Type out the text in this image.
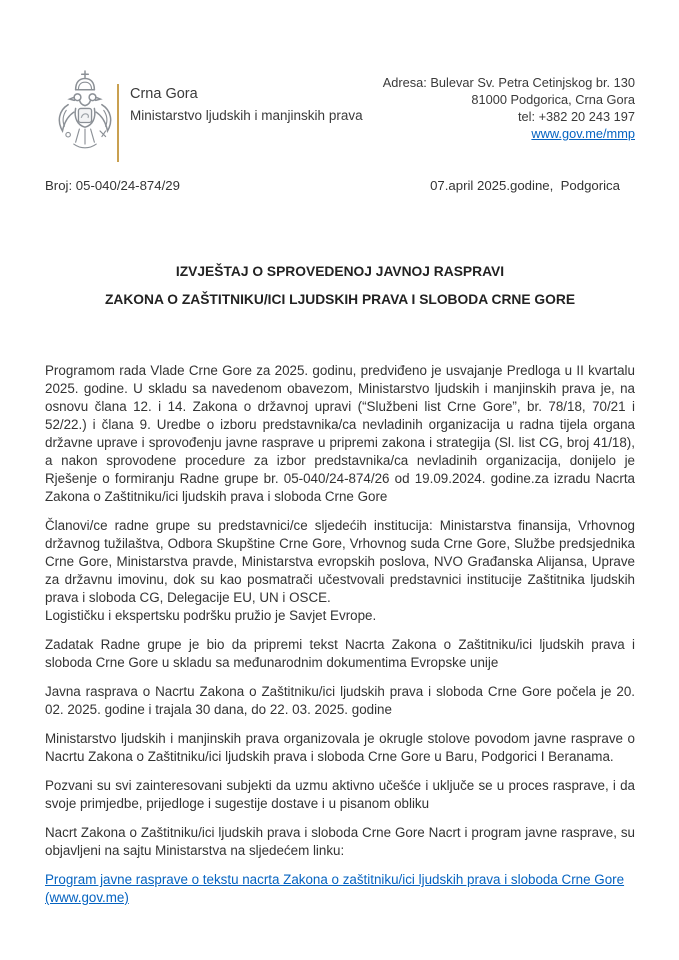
Crna Gora
Ministarstvo ljudskih i manjinskih prava
Adresa: Bulevar Sv. Petra Cetinjskog br. 130
81000 Podgorica, Crna Gora
tel: +382 20 243 197
www.gov.me/mmp
Broj: 05-040/24-874/29	07.april 2025.godine,  Podgorica
IZVJEŠTAJ O SPROVEDENOJ JAVNOJ RASPRAVI
ZAKONA O ZAŠTITNIKU/ICI LJUDSKIH PRAVA I SLOBODA CRNE GORE

Programom rada Vlade Crne Gore za 2025. godinu, predviđeno je usvajanje Predloga u II kvartalu 2025. godine. U skladu sa navedenom obavezom, Ministarstvo ljudskih i manjinskih prava je, na osnovu člana 12. i 14. Zakona o državnoj upravi (“Službeni list Crne Gore”, br. 78/18, 70/21 i 52/22.) i člana 9. Uredbe o izboru predstavnika/ca nevladinih organizacija u radna tijela organa državne uprave i sprovođenju javne rasprave u pripremi zakona i strategija (Sl. list CG, broj 41/18), a nakon sprovodene procedure za izbor predstavnika/ca nevladinih organizacija, donijelo je Rješenje o formiranju Radne grupe br. 05-040/24-874/26 od 19.09.2024. godine.za izradu Nacrta Zakona o Zaštitniku/ici ljudskih prava i sloboda Crne Gore

Članovi/ce radne grupe su predstavnici/ce sljedećih institucija: Ministarstva finansija, Vrhovnog državnog tužilaštva, Odbora Skupštine Crne Gore, Vrhovnog suda Crne Gore, Službe predsjednika Crne Gore, Ministarstva pravde, Ministarstva evropskih poslova, NVO Građanska Alijansa, Uprave za državnu imovinu, dok su kao posmatrači učestvovali predstavnici institucije Zaštitnika ljudskih prava i sloboda CG, Delegacije EU, UN i OSCE.

Logističku i ekspertsku podršku pružio je Savjet Evrope.

Zadatak Radne grupe je bio da pripremi tekst Nacrta Zakona o Zaštitniku/ici ljudskih prava i sloboda Crne Gore u skladu sa međunarodnim dokumentima Evropske unije

Javna rasprava o Nacrtu Zakona o Zaštitniku/ici ljudskih prava i sloboda Crne Gore počela je 20. 02. 2025. godine i trajala 30 dana, do 22. 03. 2025. godine

Ministarstvo ljudskih i manjinskih prava organizovala je okrugle stolove povodom javne rasprave o Nacrtu Zakona o Zaštitniku/ici ljudskih prava i sloboda Crne Gore u Baru, Podgorici I Beranama.

Pozvani su svi zainteresovani subjekti da uzmu aktivno učešće i uključe se u proces rasprave, i da svoje primjedbe, prijedloge i sugestije dostave i u pisanom obliku

Nacrt Zakona o Zaštitniku/ici ljudskih prava i sloboda Crne Gore Nacrt i program javne rasprave, su objavljeni na sajtu Ministarstva na sljedećem linku:

Program javne rasprave o tekstu nacrta Zakona o zaštitniku/ici ljudskih prava i sloboda Crne Gore (www.gov.me)
